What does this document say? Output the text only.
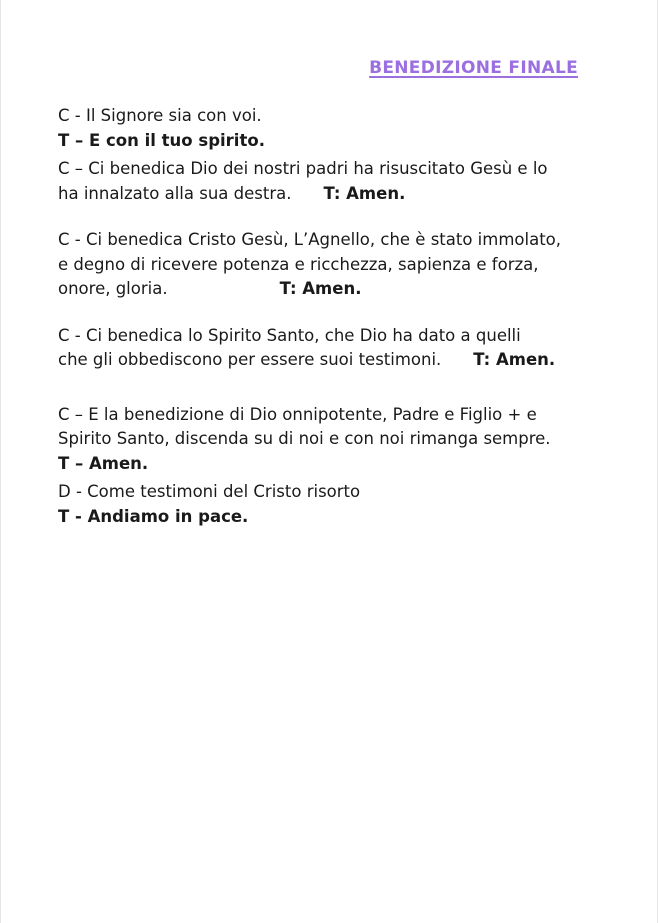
BENEDIZIONE FINALE
C - Il Signore sia con voi.
T – E con il tuo spirito.
C – Ci benedica Dio dei nostri padri ha risuscitato Gesù e lo
ha innalzato alla sua destra. T: Amen.
C - Ci benedica Cristo Gesù, L’Agnello, che è stato immolato,
e degno di ricevere potenza e ricchezza, sapienza e forza,
onore, gloria.	T: Amen.
C - Ci benedica lo Spirito Santo, che Dio ha dato a quelli
che gli obbediscono per essere suoi testimoni. T: Amen.
C – E la benedizione di Dio onnipotente, Padre e Figlio + e
Spirito Santo, discenda su di noi e con noi rimanga sempre.
T – Amen.
D - Come testimoni del Cristo risorto
T - Andiamo in pace.
